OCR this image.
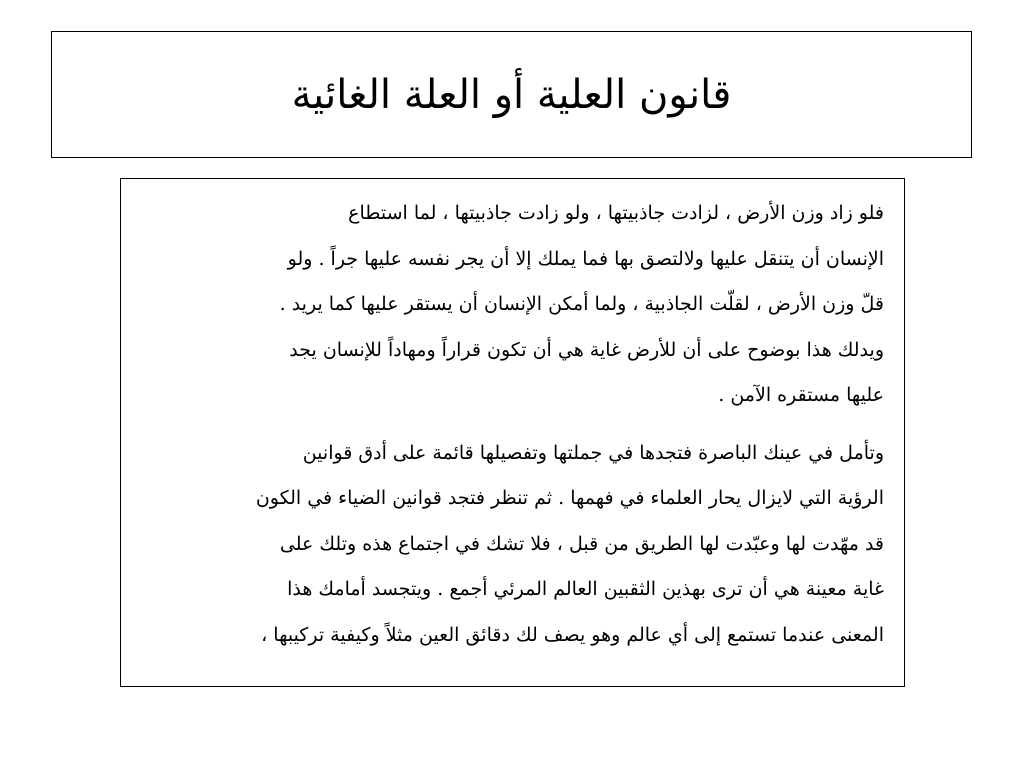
قانون العلية أو العلة الغائية

فلو زاد وزن الأرض ، لزادت جاذبيتها ، ولو زادت جاذبيتها ، لما استطاع
الإنسان أن يتنقل عليها ولالتصق بها فما يملك إلا أن يجر نفسه عليها جراً . ولو
قلّ وزن الأرض ، لقلّت الجاذبية ، ولما أمكن الإنسان أن يستقر عليها كما يريد .
ويدلك هذا بوضوح على أن للأرض غاية هي أن تكون قراراً ومهاداً للإنسان يجد
عليها مستقره الآمن .

وتأمل في عينك الباصرة فتجدها في جملتها وتفصيلها قائمة على أدق قوانين
الرؤية التي لايزال يحار العلماء في فهمها . ثم تنظر فتجد قوانين الضياء في الكون
قد مهّدت لها وعبّدت لها الطريق من قبل ، فلا تشك في اجتماع هذه وتلك على
غاية معينة هي أن ترى بهذين الثقبين العالم المرئي أجمع . ويتجسد أمامك هذا
المعنى عندما تستمع إلى أي عالم وهو يصف لك دقائق العين مثلاً وكيفية تركيبها ،
